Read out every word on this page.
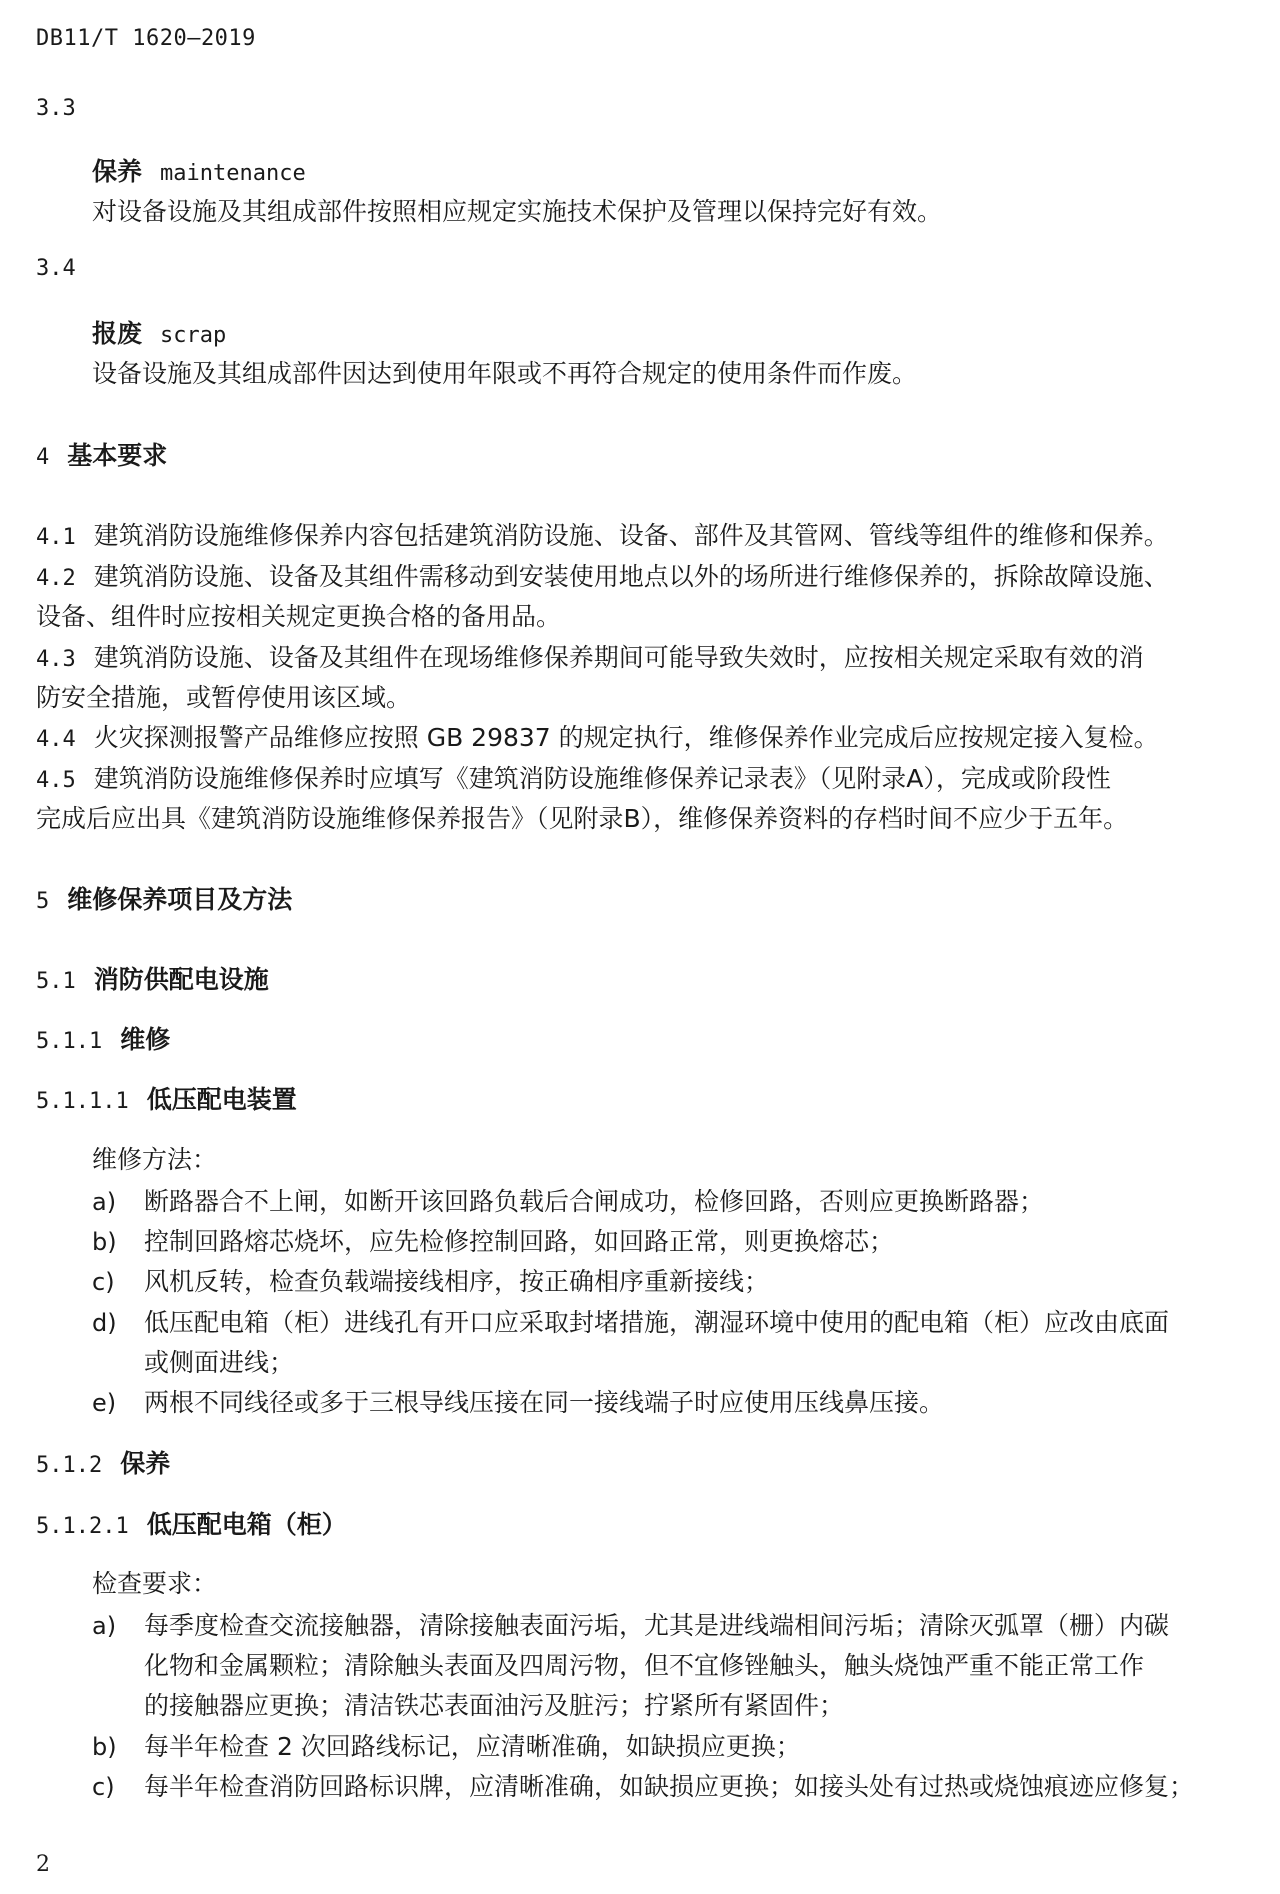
DB11/T 1620—2019
3.3
保养 maintenance
对设备设施及其组成部件按照相应规定实施技术保护及管理以保持完好有效。
3.4
报废 scrap
设备设施及其组成部件因达到使用年限或不再符合规定的使用条件而作废。
4 基本要求
4.1 建筑消防设施维修保养内容包括建筑消防设施、设备、部件及其管网、管线等组件的维修和保养。
4.2 建筑消防设施、设备及其组件需移动到安装使用地点以外的场所进行维修保养的，拆除故障设施、
设备、组件时应按相关规定更换合格的备用品。
4.3 建筑消防设施、设备及其组件在现场维修保养期间可能导致失效时，应按相关规定采取有效的消
防安全措施，或暂停使用该区域。
4.4 火灾探测报警产品维修应按照 GB 29837 的规定执行，维修保养作业完成后应按规定接入复检。
4.5 建筑消防设施维修保养时应填写《建筑消防设施维修保养记录表》（见附录A），完成或阶段性
完成后应出具《建筑消防设施维修保养报告》（见附录B），维修保养资料的存档时间不应少于五年。
5 维修保养项目及方法
5.1 消防供配电设施
5.1.1 维修
5.1.1.1 低压配电装置
维修方法：
a) 断路器合不上闸，如断开该回路负载后合闸成功，检修回路，否则应更换断路器；
b) 控制回路熔芯烧坏，应先检修控制回路，如回路正常，则更换熔芯；
c) 风机反转，检查负载端接线相序，按正确相序重新接线；
d) 低压配电箱（柜）进线孔有开口应采取封堵措施，潮湿环境中使用的配电箱（柜）应改由底面
或侧面进线；
e) 两根不同线径或多于三根导线压接在同一接线端子时应使用压线鼻压接。
5.1.2 保养
5.1.2.1 低压配电箱（柜）
检查要求：
a) 每季度检查交流接触器，清除接触表面污垢，尤其是进线端相间污垢；清除灭弧罩（栅）内碳
化物和金属颗粒；清除触头表面及四周污物，但不宜修锉触头，触头烧蚀严重不能正常工作
的接触器应更换；清洁铁芯表面油污及脏污；拧紧所有紧固件；
b) 每半年检查 2 次回路线标记，应清晰准确，如缺损应更换；
c) 每半年检查消防回路标识牌，应清晰准确，如缺损应更换；如接头处有过热或烧蚀痕迹应修复；
2
